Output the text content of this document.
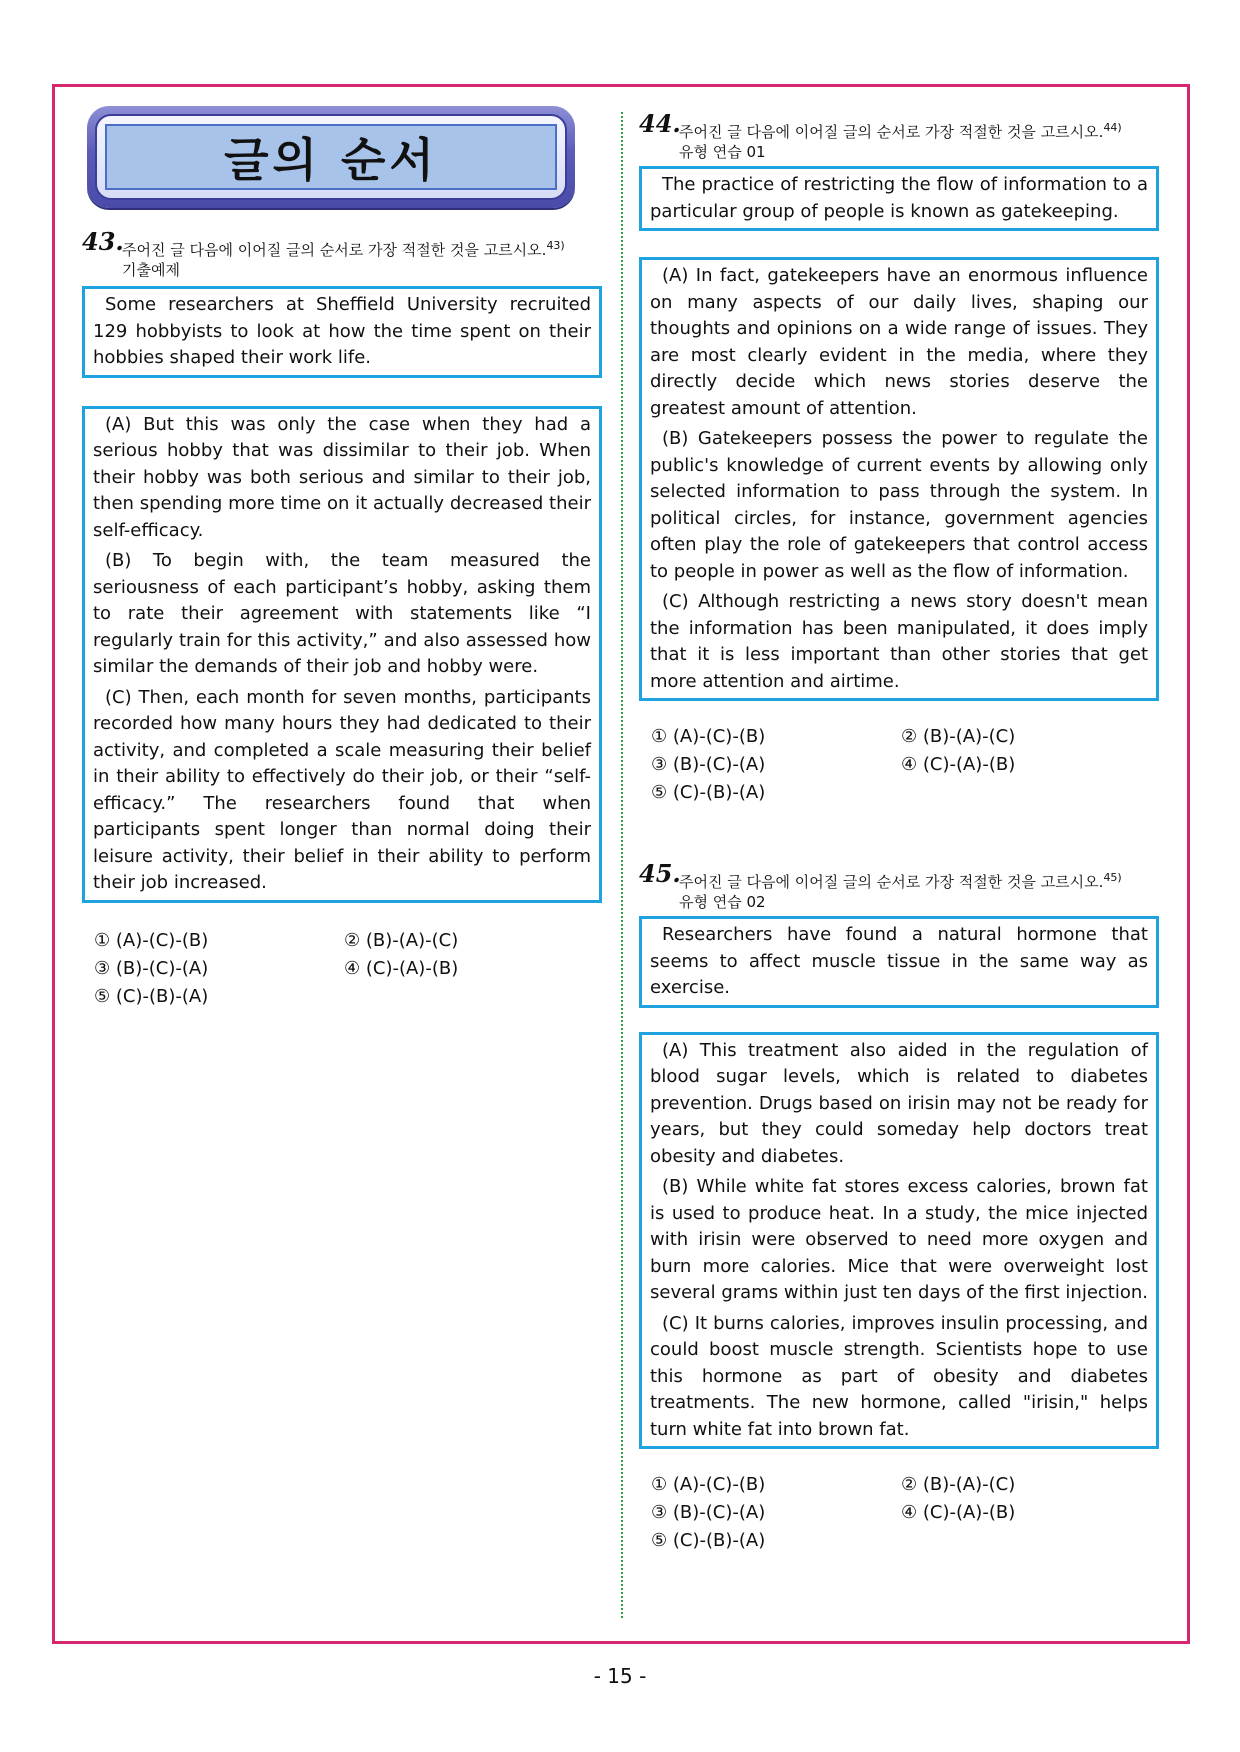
글의 순서
43.
주어진 글 다음에 이어질 글의 순서로 가장 적절한 것을 고르시오.$^{43)}$
기출예제

Some researchers at Sheffield University recruited 129 hobbyists to look at how the time spent on their hobbies shaped their work life.

(A) But this was only the case when they had a serious hobby that was dissimilar to their job. When their hobby was both serious and similar to their job, then spending more time on it actually decreased their self-efficacy.

(B) To begin with, the team measured the seriousness of each participant’s hobby, asking them to rate their agreement with statements like “I regularly train for this activity,” and also assessed how similar the demands of their job and hobby were.

(C) Then, each month for seven months, participants recorded how many hours they had dedicated to their activity, and completed a scale measuring their belief in their ability to effectively do their job, or their “self-efficacy.” The researchers found that when participants spent longer than normal doing their leisure activity, their belief in their ability to perform their job increased.

① (A)-(C)-(B)	② (B)-(A)-(C)
③ (B)-(C)-(A)	④ (C)-(A)-(B)
⑤ (C)-(B)-(A)
44.
주어진 글 다음에 이어질 글의 순서로 가장 적절한 것을 고르시오.$^{44)}$
유형 연습 01

The practice of restricting the flow of information to a particular group of people is known as gatekeeping.

(A) In fact, gatekeepers have an enormous influence on many aspects of our daily lives, shaping our thoughts and opinions on a wide range of issues. They are most clearly evident in the media, where they directly decide which news stories deserve the greatest amount of attention.

(B) Gatekeepers possess the power to regulate the public's knowledge of current events by allowing only selected information to pass through the system. In political circles, for instance, government agencies often play the role of gatekeepers that control access to people in power as well as the flow of information.

(C) Although restricting a news story doesn't mean the information has been manipulated, it does imply that it is less important than other stories that get more attention and airtime.

① (A)-(C)-(B)	② (B)-(A)-(C)
③ (B)-(C)-(A)	④ (C)-(A)-(B)
⑤ (C)-(B)-(A)
45.
주어진 글 다음에 이어질 글의 순서로 가장 적절한 것을 고르시오.$^{45)}$
유형 연습 02

Researchers have found a natural hormone that seems to affect muscle tissue in the same way as exercise.

(A) This treatment also aided in the regulation of blood sugar levels, which is related to diabetes prevention. Drugs based on irisin may not be ready for years, but they could someday help doctors treat obesity and diabetes.

(B) While white fat stores excess calories, brown fat is used to produce heat. In a study, the mice injected with irisin were observed to need more oxygen and burn more calories. Mice that were overweight lost several grams within just ten days of the first injection.

(C) It burns calories, improves insulin processing, and could boost muscle strength. Scientists hope to use this hormone as part of obesity and diabetes treatments. The new hormone, called "irisin," helps turn white fat into brown fat.

① (A)-(C)-(B)	② (B)-(A)-(C)
③ (B)-(C)-(A)	④ (C)-(A)-(B)
⑤ (C)-(B)-(A)
- 15 -
